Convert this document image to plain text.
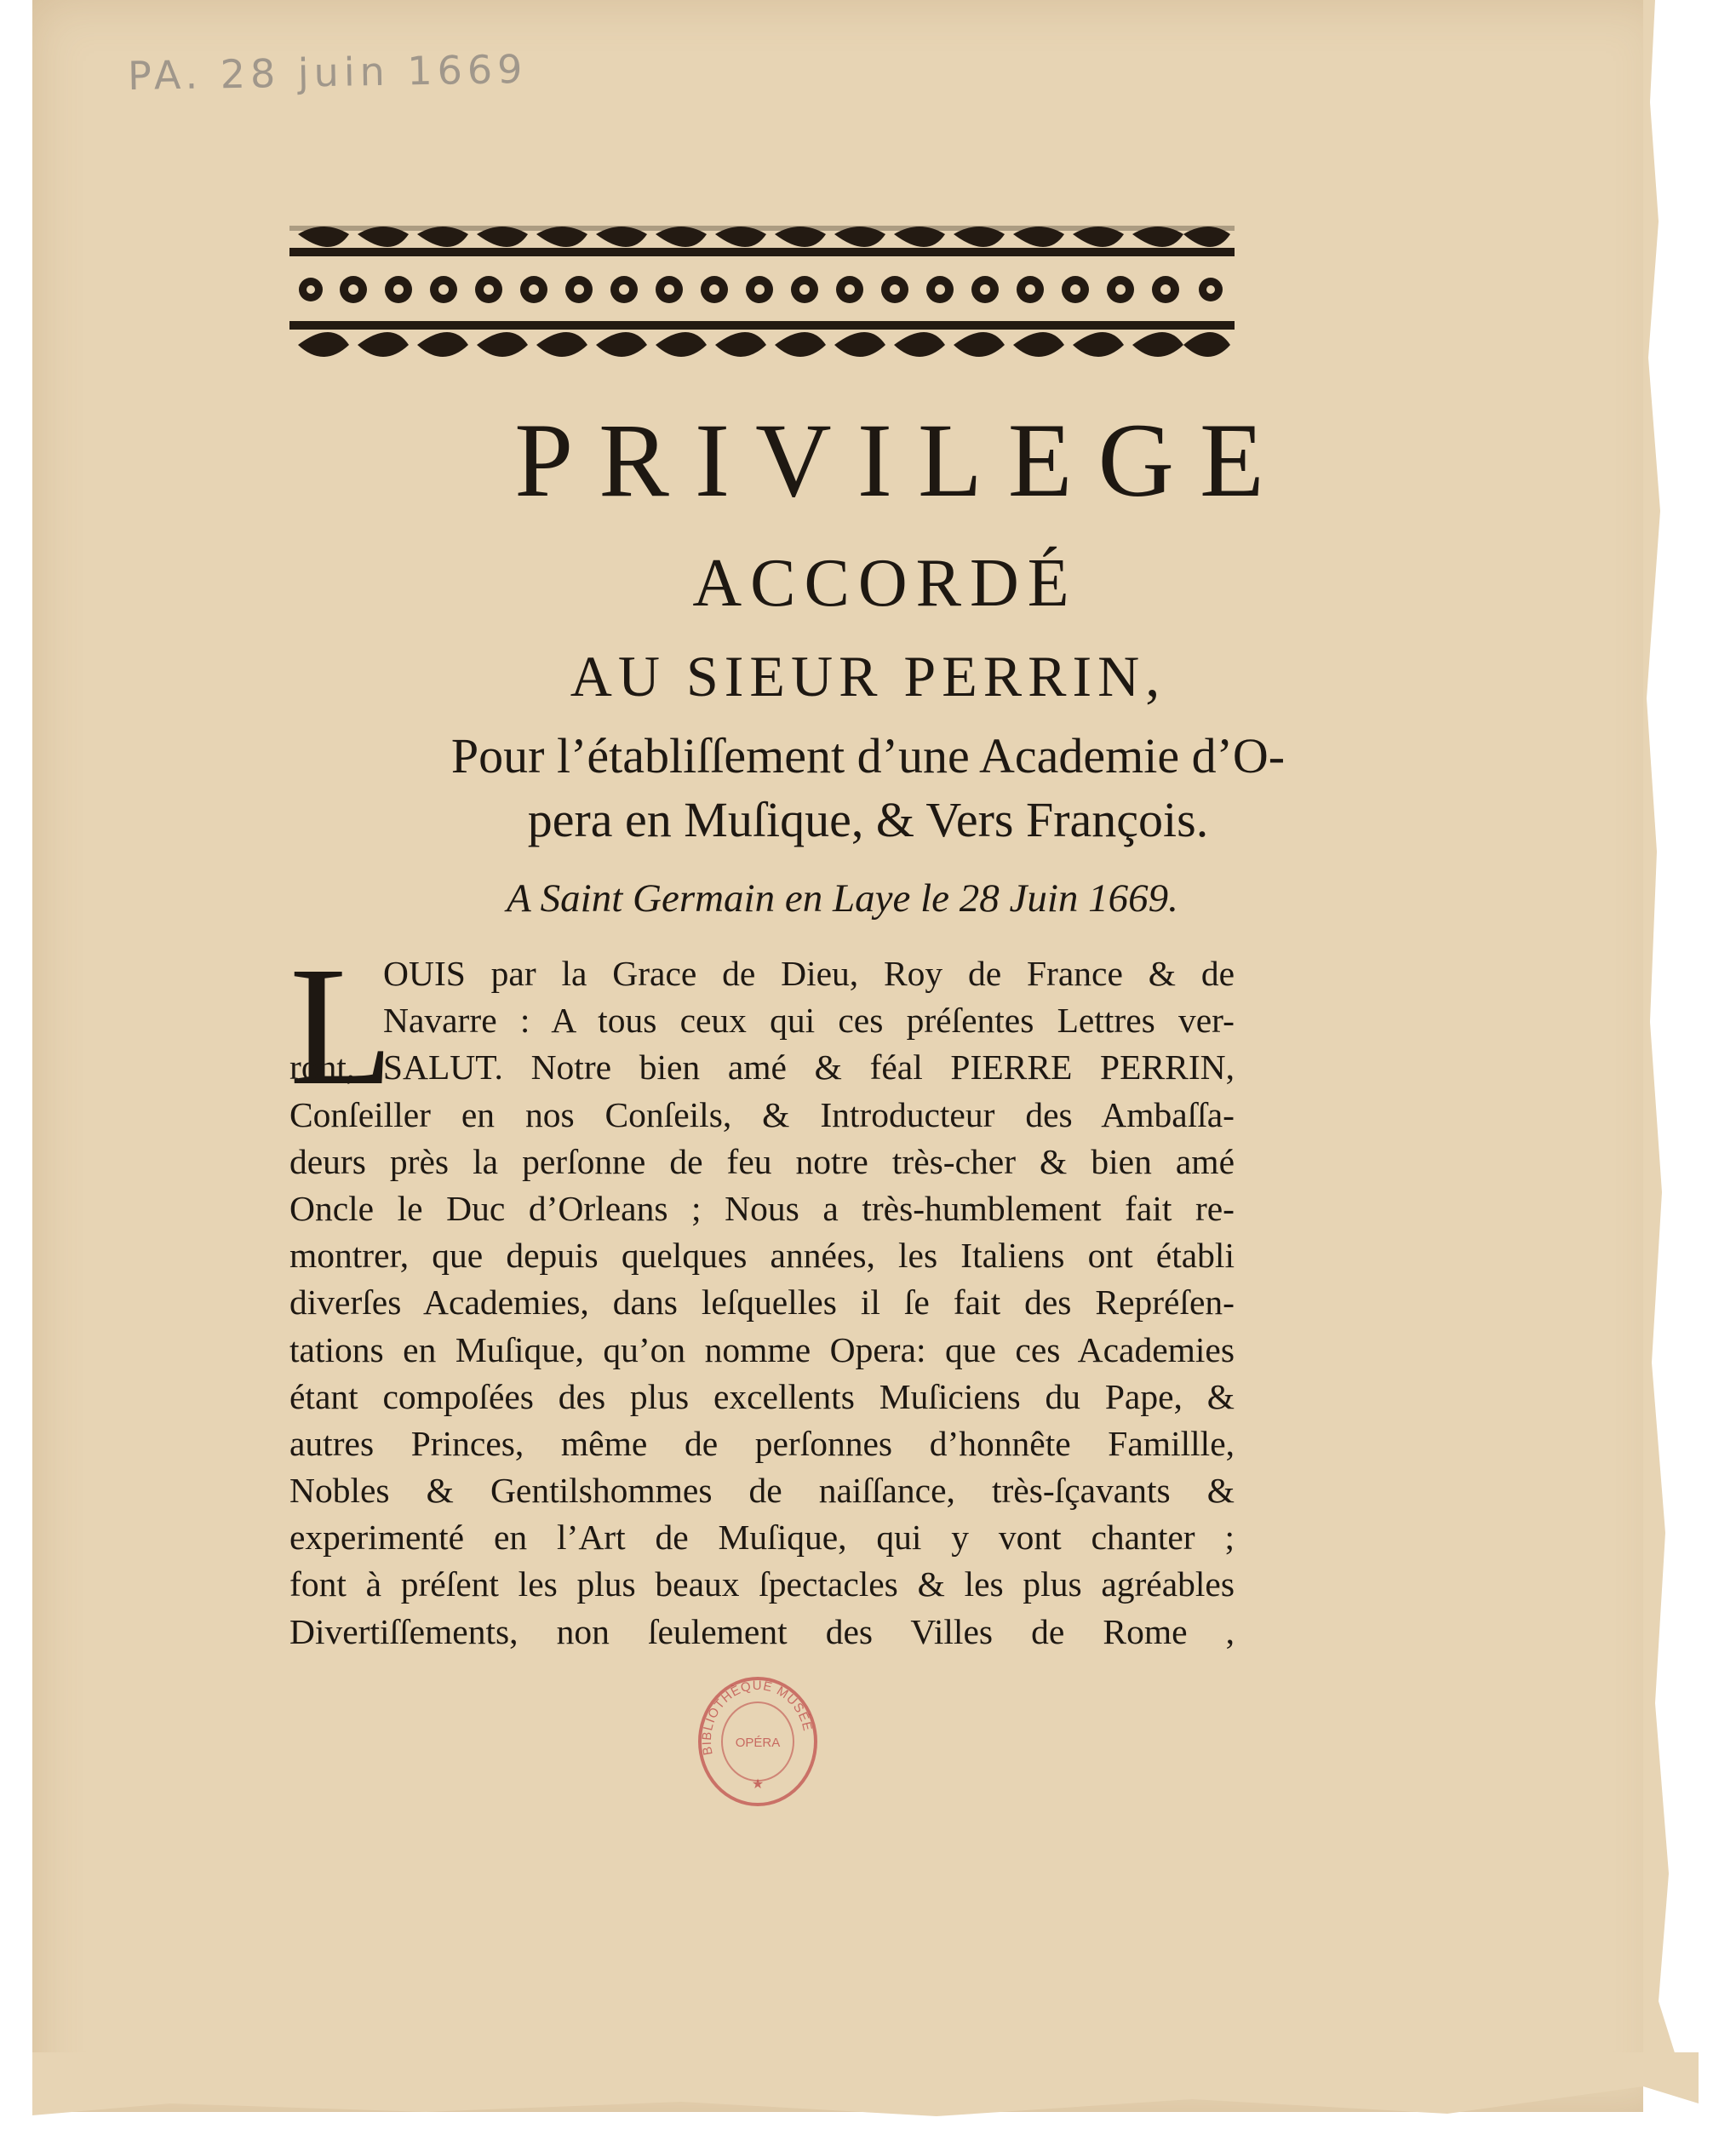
PA. 28 juin 1669
PRIVILEGE
ACCORDÉ
AU SIEUR PERRIN,
Pour l’établiſſement d’une Academie d’O-
pera en Muſique, & Vers François.
A Saint Germain en Laye le 28 Juin 1669.
L
OUIS par la Grace de Dieu, Roy de France & de
Navarre : A tous ceux qui ces préſentes Lettres ver-
ront, SALUT. Notre bien amé & féal PIERRE PERRIN,
Conſeiller en nos Conſeils, & Introducteur des Ambaſſa-
deurs près la perſonne de feu notre très-cher & bien amé
Oncle le Duc d’Orleans ; Nous a très-humblement fait re-
montrer, que depuis quelques années, les Italiens ont établi
diverſes Academies, dans leſquelles il ſe fait des Repréſen-
tations en Muſique, qu’on nomme Opera: que ces Academies
étant compoſées des plus excellents Muſiciens du Pape, &
autres Princes, même de perſonnes d’honnête Famillle,
Nobles & Gentilshommes de naiſſance, très-ſçavants &
experimenté en l’Art de Muſique, qui y vont chanter ;
font à préſent les plus beaux ſpectacles & les plus agréables
Divertiſſements, non ſeulement des Villes de Rome ,
BIBLIOTHÈQUE MUSÉE
OPÉRA
★
